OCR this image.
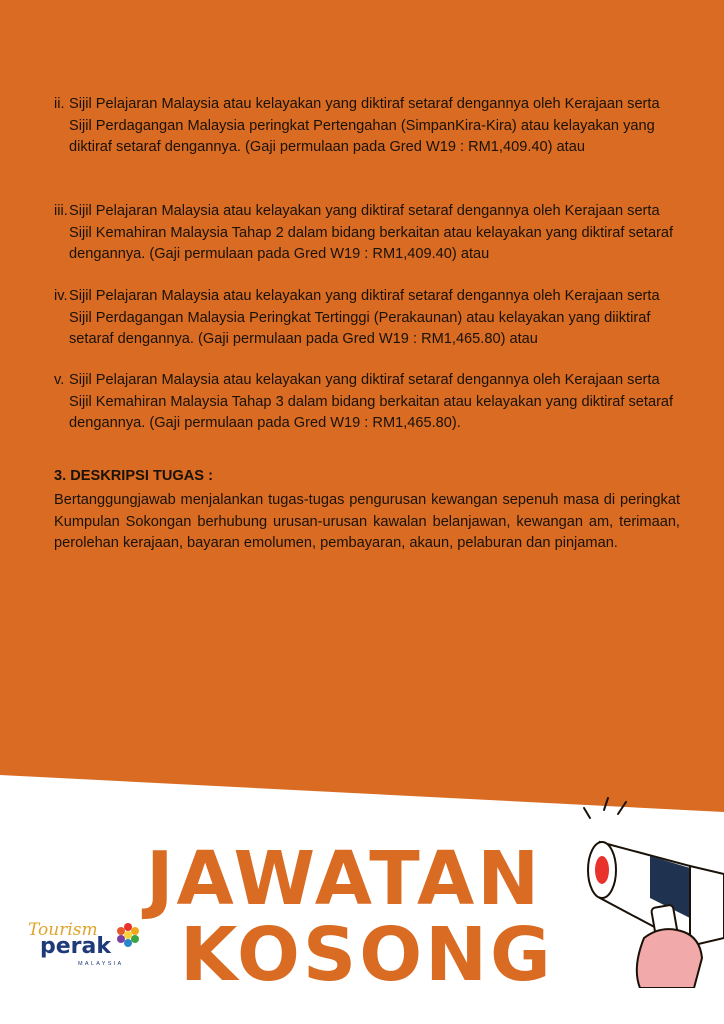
ii. Sijil Pelajaran Malaysia atau kelayakan yang diktiraf setaraf dengannya oleh Kerajaan serta Sijil Perdagangan Malaysia peringkat Pertengahan (SimpanKira-Kira) atau kelayakan yang diktiraf setaraf dengannya. (Gaji permulaan pada Gred W19 : RM1,409.40) atau
iii. Sijil Pelajaran Malaysia atau kelayakan yang diktiraf setaraf dengannya oleh Kerajaan serta Sijil Kemahiran Malaysia Tahap 2 dalam bidang berkaitan atau kelayakan yang diktiraf setaraf dengannya. (Gaji permulaan pada Gred W19 : RM1,409.40) atau
iv. Sijil Pelajaran Malaysia atau kelayakan yang diktiraf setaraf dengannya oleh Kerajaan serta Sijil Perdagangan Malaysia Peringkat Tertinggi (Perakaunan) atau kelayakan yang diiktiraf setaraf dengannya. (Gaji permulaan pada Gred W19 : RM1,465.80) atau
v. Sijil Pelajaran Malaysia atau kelayakan yang diktiraf setaraf dengannya oleh Kerajaan serta Sijil Kemahiran Malaysia Tahap 3 dalam bidang berkaitan atau kelayakan yang diktiraf setaraf dengannya. (Gaji permulaan pada Gred W19 : RM1,465.80).
3. DESKRIPSI TUGAS :
Bertanggungjawab menjalankan tugas-tugas pengurusan kewangan sepenuh masa di peringkat Kumpulan Sokongan berhubung urusan-urusan kawalan belanjawan, kewangan am, terimaan, perolehan kerajaan, bayaran emolumen, pembayaran, akaun, pelaburan dan pinjaman.
JAWATAN
KOSONG
Tourism
perak
MALAYSIA
